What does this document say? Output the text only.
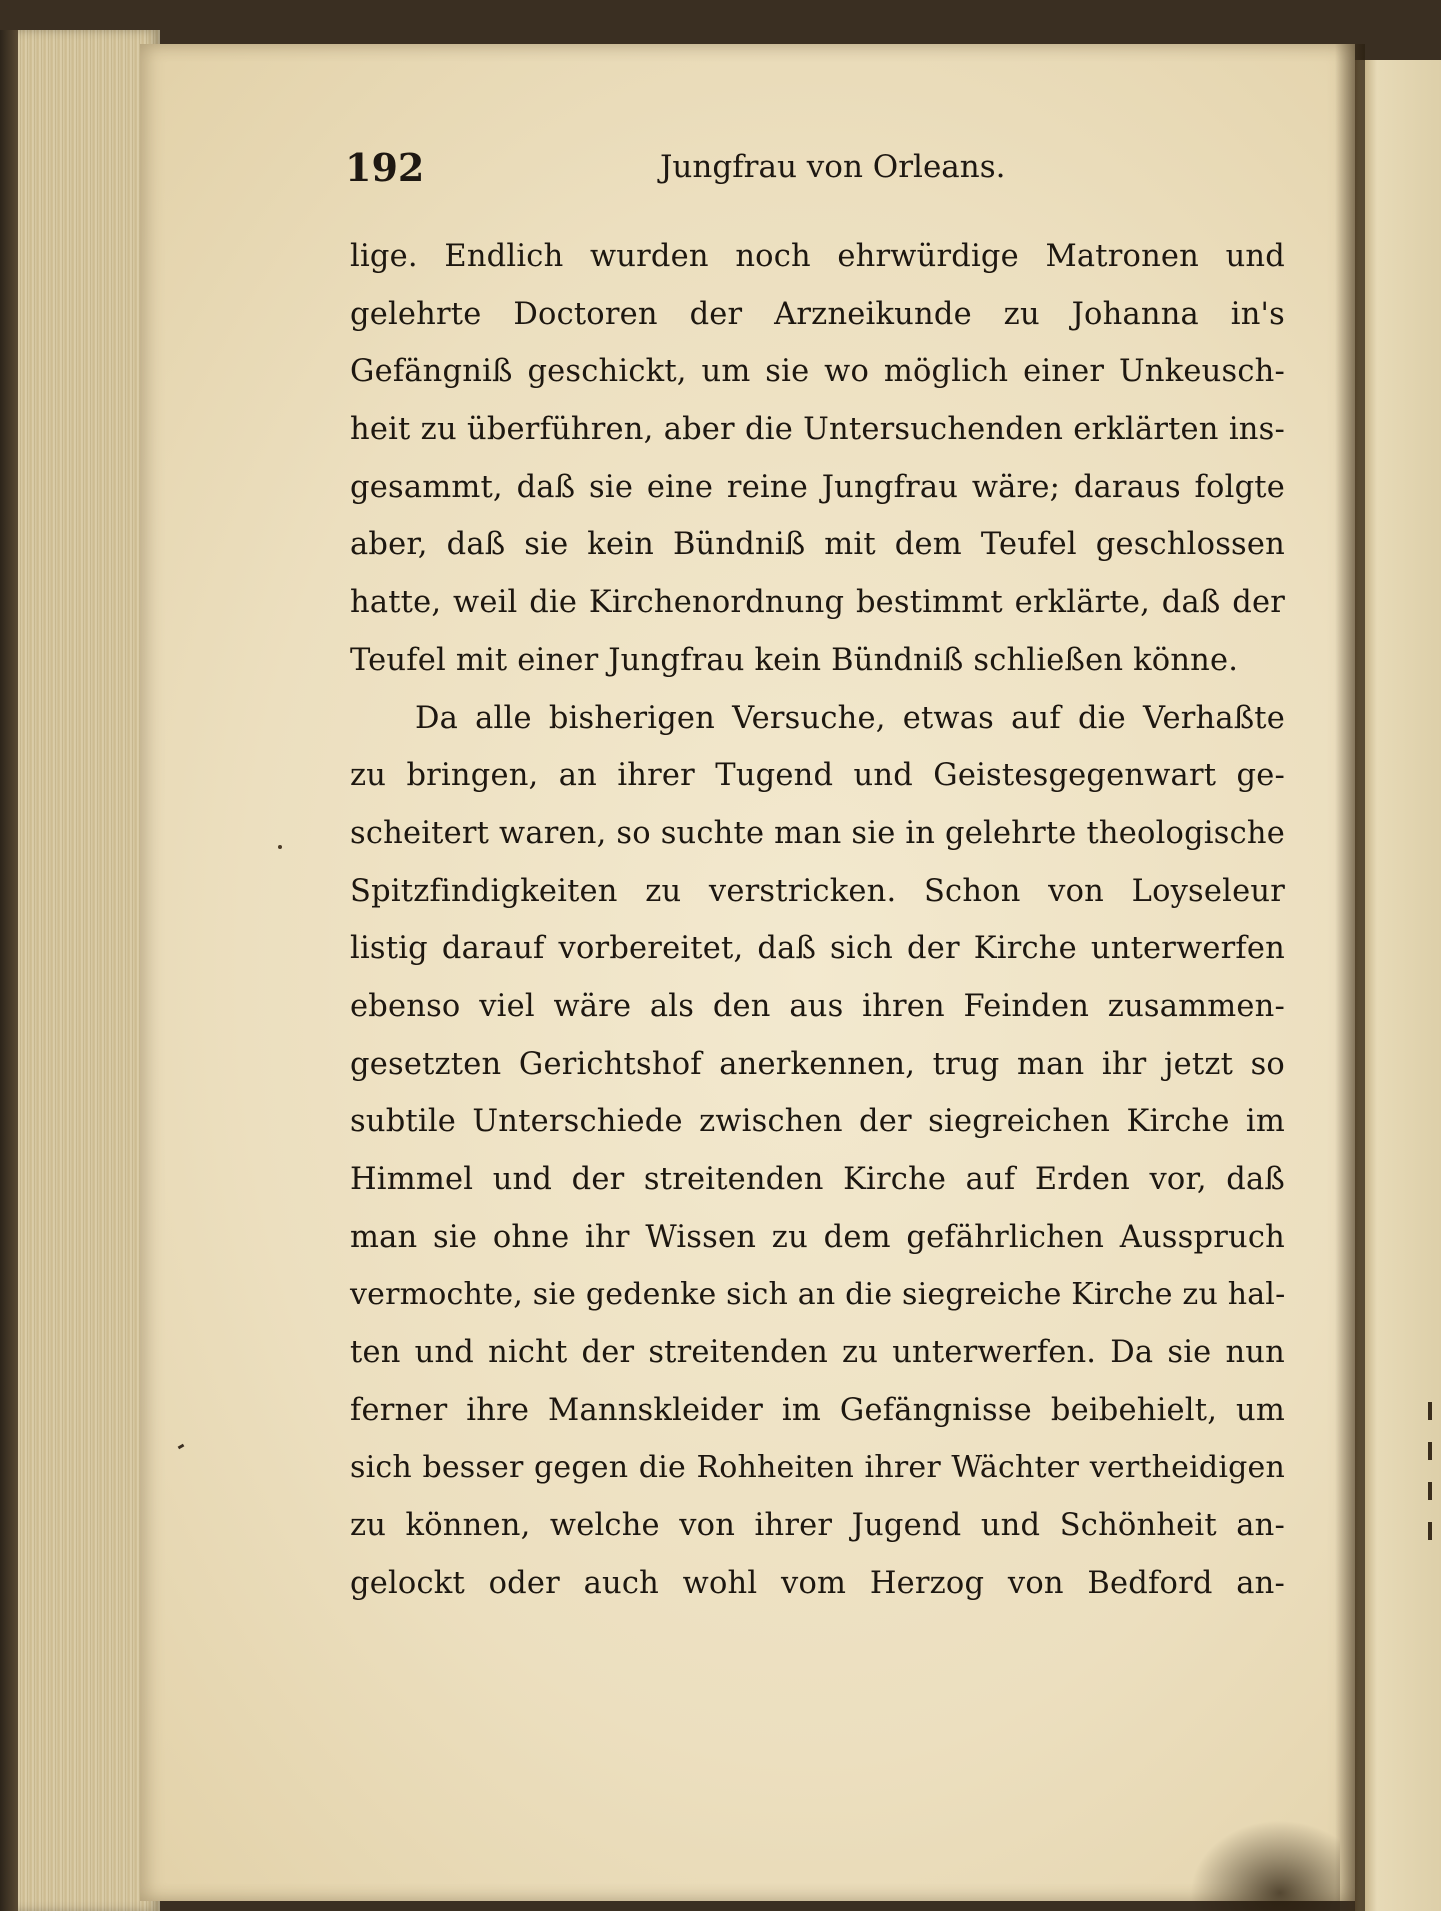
192	Jungfrau von Orleans.
lige. Endlich wurden noch ehrwürdige Matronen und
gelehrte Doctoren der Arzneikunde zu Johanna in's
Gefängniß geschickt, um sie wo möglich einer Unkeusch-
heit zu überführen, aber die Untersuchenden erklärten ins-
gesammt, daß sie eine reine Jungfrau wäre; daraus folgte
aber, daß sie kein Bündniß mit dem Teufel geschlossen
hatte, weil die Kirchenordnung bestimmt erklärte, daß der
Teufel mit einer Jungfrau kein Bündniß schließen könne.
Da alle bisherigen Versuche, etwas auf die Verhaßte
zu bringen, an ihrer Tugend und Geistesgegenwart ge-
scheitert waren, so suchte man sie in gelehrte theologische
Spitzfindigkeiten zu verstricken. Schon von Loyseleur
listig darauf vorbereitet, daß sich der Kirche unterwerfen
ebenso viel wäre als den aus ihren Feinden zusammen-
gesetzten Gerichtshof anerkennen, trug man ihr jetzt so
subtile Unterschiede zwischen der siegreichen Kirche im
Himmel und der streitenden Kirche auf Erden vor, daß
man sie ohne ihr Wissen zu dem gefährlichen Ausspruch
vermochte, sie gedenke sich an die siegreiche Kirche zu hal-
ten und nicht der streitenden zu unterwerfen. Da sie nun
ferner ihre Mannskleider im Gefängnisse beibehielt, um
sich besser gegen die Rohheiten ihrer Wächter vertheidigen
zu können, welche von ihrer Jugend und Schönheit an-
gelockt oder auch wohl vom Herzog von Bedford an-
